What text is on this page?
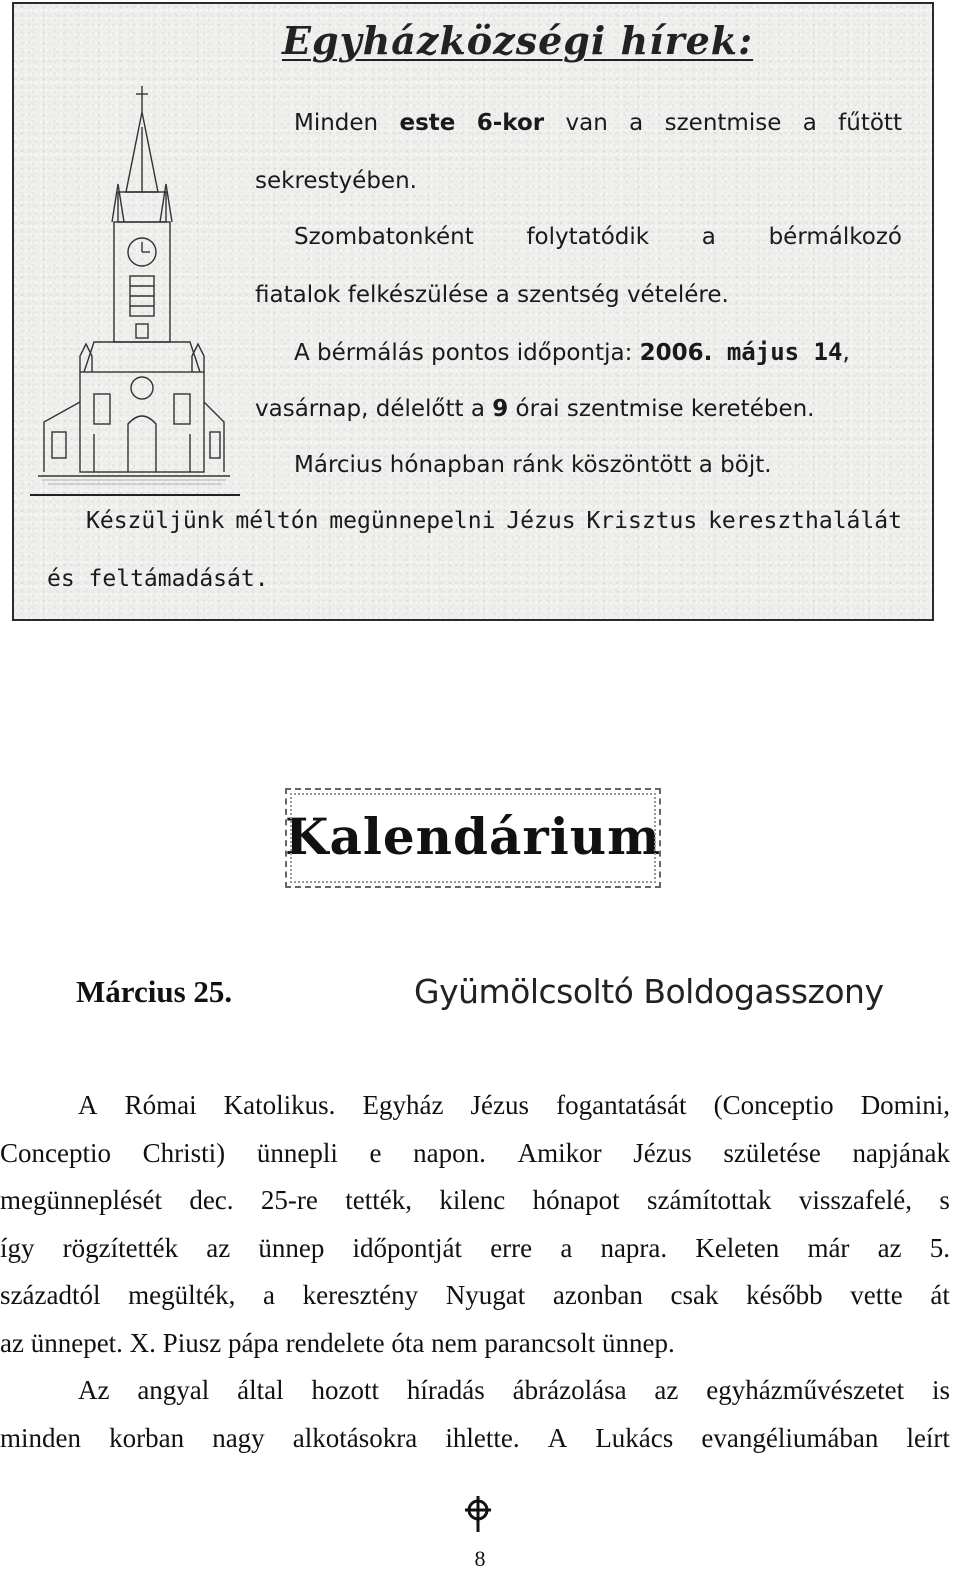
Egyházközségi hírek:

Minden este 6-kor van a szentmise a fűtött

sekrestyében.

Szombatonként folytatódik a bérmálkozó

fiatalok felkészülése a szentség vételére.

A bérmálás pontos időpontja: 2006. május 14,

vasárnap, délelőtt a 9 órai szentmise keretében.

Március hónapban ránk köszöntött a böjt.

Készüljünk méltón megünnepelni Jézus Krisztus kereszthalálát

és feltámadását.

Kalendárium

Március 25.	Gyümölcsoltó Boldogasszony

A Római Katolikus. Egyház Jézus fogantatását (Conceptio Domini,

Conceptio Christi) ünnepli e napon. Amikor Jézus születése napjának

megünneplését dec. 25-re tették, kilenc hónapot számítottak visszafelé, s

így rögzítették az ünnep időpontját erre a napra. Keleten már az 5.

századtól megülték, a keresztény Nyugat azonban csak később vette át

az ünnepet. X. Piusz pápa rendelete óta nem parancsolt ünnep.

Az angyal által hozott híradás ábrázolása az egyházművészetet is

minden korban nagy alkotásokra ihlette. A Lukács evangéliumában leírt

8
